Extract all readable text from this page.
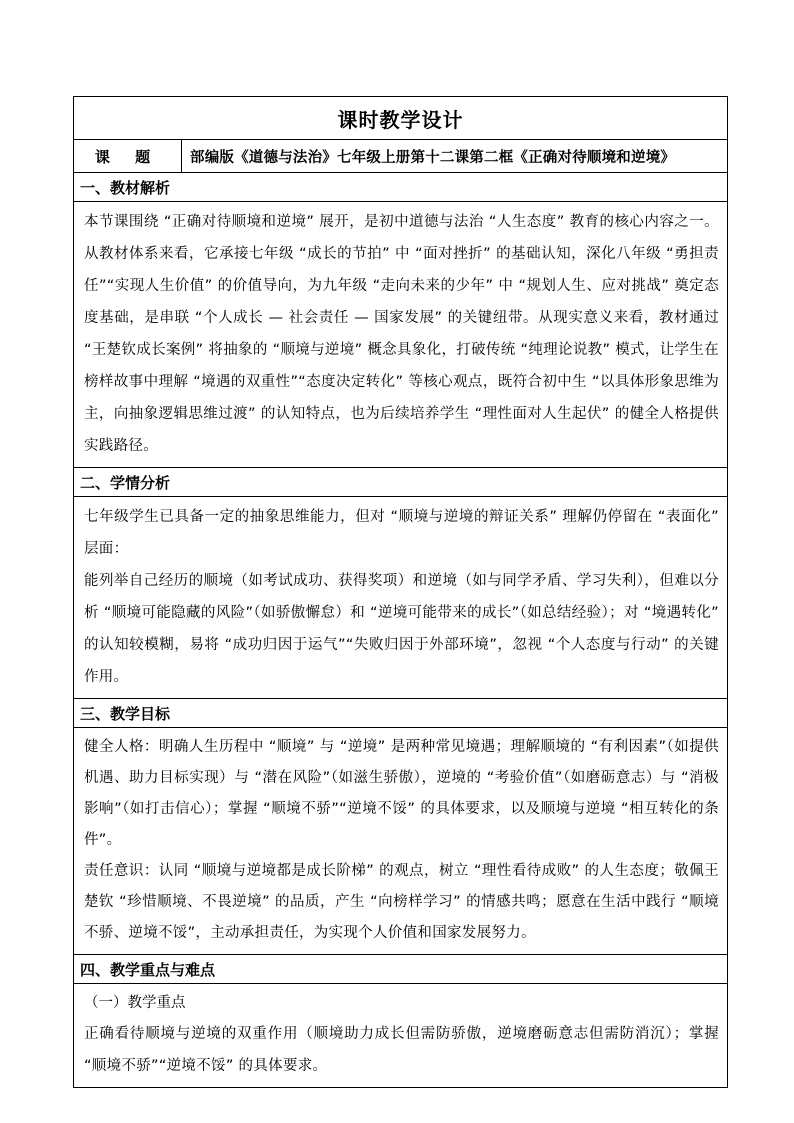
课时教学设计
课 题	部编版《道德与法治》七年级上册第十二课第二框《正确对待顺境和逆境》
一、教材解析

本节课围绕 “正确对待顺境和逆境” 展开，是初中道德与法治 “人生态度” 教育的核心内容之一。从教材体系来看，它承接七年级 “成长的节拍” 中 “面对挫折” 的基础认知，深化八年级 “勇担责任”“实现人生价值” 的价值导向，为九年级 “走向未来的少年” 中 “规划人生、应对挑战” 奠定态度基础，是串联 “个人成长 — 社会责任 — 国家发展” 的关键纽带。从现实意义来看，教材通过 “王楚钦成长案例” 将抽象的 “顺境与逆境” 概念具象化，打破传统 “纯理论说教” 模式，让学生在榜样故事中理解 “境遇的双重性”“态度决定转化” 等核心观点，既符合初中生 “以具体形象思维为主，向抽象逻辑思维过渡” 的认知特点，也为后续培养学生 “理性面对人生起伏” 的健全人格提供实践路径。

二、学情分析

七年级学生已具备一定的抽象思维能力，但对 “顺境与逆境的辩证关系” 理解仍停留在 “表面化” 层面：

能列举自己经历的顺境（如考试成功、获得奖项）和逆境（如与同学矛盾、学习失利），但难以分析 “顺境可能隐藏的风险”（如骄傲懈怠）和 “逆境可能带来的成长”（如总结经验）；对 “境遇转化” 的认知较模糊，易将 “成功归因于运气”“失败归因于外部环境”，忽视 “个人态度与行动” 的关键作用。

三、教学目标

健全人格：明确人生历程中 “顺境” 与 “逆境” 是两种常见境遇；理解顺境的 “有利因素”（如提供机遇、助力目标实现）与 “潜在风险”（如滋生骄傲），逆境的 “考验价值”（如磨砺意志）与 “消极影响”（如打击信心）；掌握 “顺境不骄”“逆境不馁” 的具体要求，以及顺境与逆境 “相互转化的条件”。

责任意识：认同 “顺境与逆境都是成长阶梯” 的观点，树立 “理性看待成败” 的人生态度；敬佩王楚钦 “珍惜顺境、不畏逆境” 的品质，产生 “向榜样学习” 的情感共鸣；愿意在生活中践行 “顺境不骄、逆境不馁”，主动承担责任，为实现个人价值和国家发展努力。

四、教学重点与难点

（一）教学重点

正确看待顺境与逆境的双重作用（顺境助力成长但需防骄傲，逆境磨砺意志但需防消沉）；掌握 “顺境不骄”“逆境不馁” 的具体要求。
